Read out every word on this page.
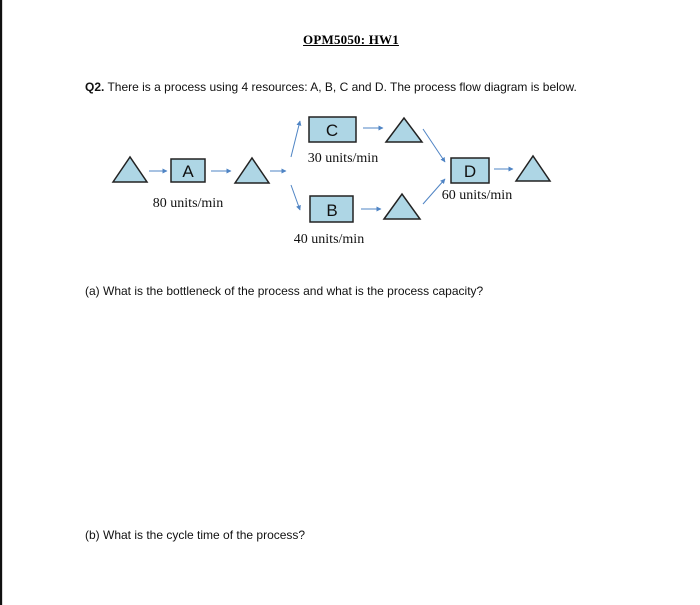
OPM5050: HW1
Q2. There is a process using 4 resources: A, B, C and D. The process flow diagram is below.
A
80 units/min
C
30 units/min
B
40 units/min
D
60 units/min
(a) What is the bottleneck of the process and what is the process capacity?
(b) What is the cycle time of the process?
